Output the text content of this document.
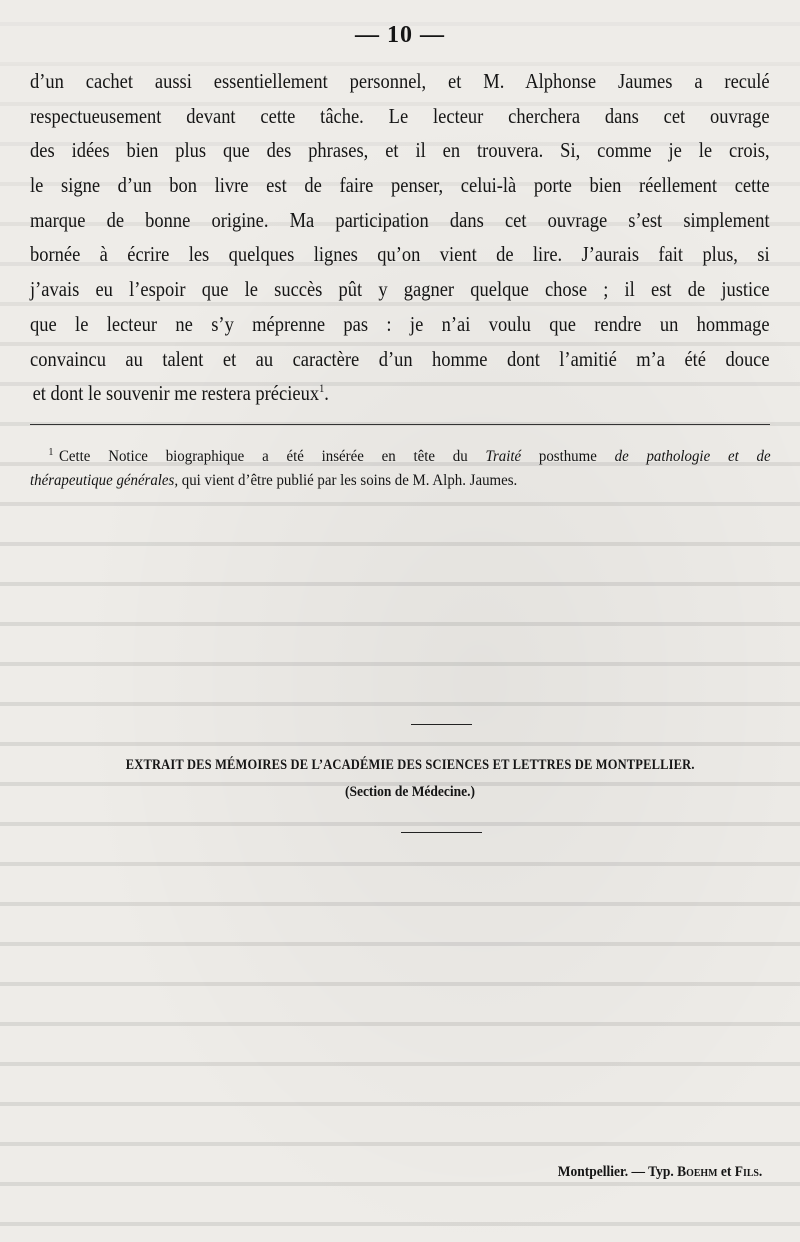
— 10 —
d’un cachet aussi essentiellement personnel, et M. Alphonse Jaumes a reculé
respectueusement devant cette tâche. Le lecteur cherchera dans cet ouvrage
des idées bien plus que des phrases, et il en trouvera. Si, comme je le crois,
le signe d’un bon livre est de faire penser, celui-là porte bien réellement cette
marque de bonne origine. Ma participation dans cet ouvrage s’est simplement
bornée à écrire les quelques lignes qu’on vient de lire. J’aurais fait plus, si
j’avais eu l’espoir que le succès pût y gagner quelque chose ; il est de justice
que le lecteur ne s’y méprenne pas : je n’ai voulu que rendre un hommage
convaincu au talent et au caractère d’un homme dont l’amitié m’a été douce
et dont le souvenir me restera précieux$^1$.
$^1$ Cette Notice biographique a été insérée en tête du Traité posthume de pathologie et de
thérapeutique générales, qui vient d’être publié par les soins de M. Alph. Jaumes.
EXTRAIT DES MÉMOIRES DE L’ACADÉMIE DES SCIENCES ET LETTRES DE MONTPELLIER.
(Section de Médecine.)
Montpellier. — Typ. Boehm et Fils.
